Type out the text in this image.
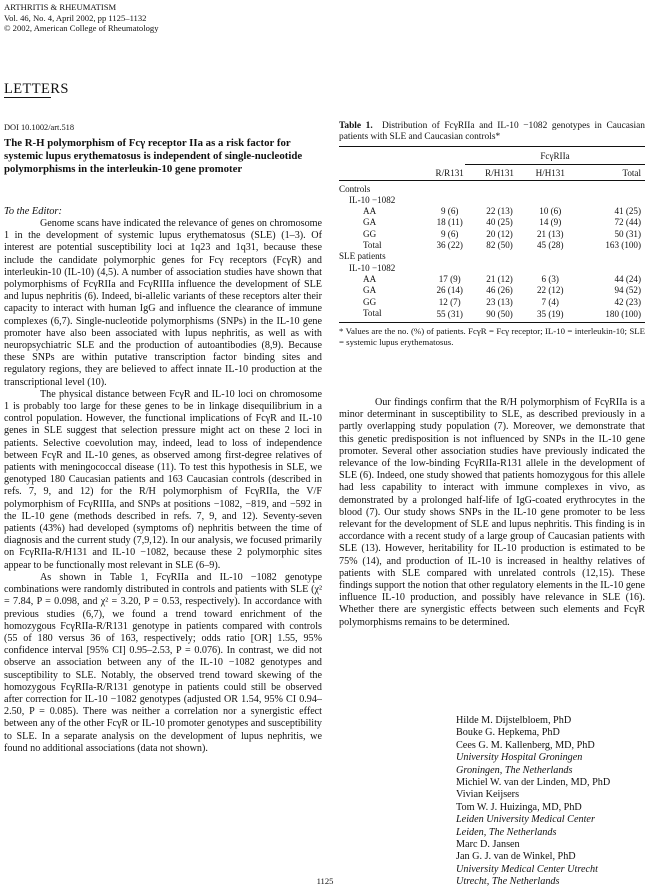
ARTHRITIS & RHEUMATISM
Vol. 46, No. 4, April 2002, pp 1125–1132
© 2002, American College of Rheumatology
LETTERS
DOI 10.1002/art.518
The R-H polymorphism of Fcγ receptor IIa as a risk factor for systemic lupus erythematosus is independent of single-nucleotide polymorphisms in the interleukin-10 gene promoter
To the Editor:

Genome scans have indicated the relevance of genes on chromosome 1 in the development of systemic lupus erythematosus (SLE) (1–3). Of interest are potential susceptibility loci at 1q23 and 1q31, because these include the candidate polymorphic genes for Fcγ receptors (FcγR) and interleukin-10 (IL-10) (4,5). A number of association studies have shown that polymorphisms of FcγRIIa and FcγRIIIa influence the development of SLE and lupus nephritis (6). Indeed, bi-allelic variants of these receptors alter their capacity to interact with human IgG and influence the clearance of immune complexes (6,7). Single-nucleotide polymorphisms (SNPs) in the IL-10 gene promoter have also been associated with lupus nephritis, as well as with neuropsychiatric SLE and the production of autoantibodies (8,9). Because these SNPs are within putative transcription factor binding sites and regulatory regions, they are believed to affect innate IL-10 production at the transcriptional level (10).

The physical distance between FcγR and IL-10 loci on chromosome 1 is probably too large for these genes to be in linkage disequilibrium in a control population. However, the functional implications of FcγR and IL-10 genes in SLE suggest that selection pressure might act on these 2 loci in patients. Selective coevolution may, indeed, lead to loss of independence between FcγR and IL-10 genes, as observed among first-degree relatives of patients with meningococcal disease (11). To test this hypothesis in SLE, we genotyped 180 Caucasian patients and 163 Caucasian controls (described in refs. 7, 9, and 12) for the R/H polymorphism of FcγRIIa, the V/F polymorphism of FcγRIIIa, and SNPs at positions −1082, −819, and −592 in the IL-10 gene (methods described in refs. 7, 9, and 12). Seventy-seven patients (43%) had developed (symptoms of) nephritis between the time of diagnosis and the current study (7,9,12). In our analysis, we focused primarily on FcγRIIa-R/H131 and IL-10 −1082, because these 2 polymorphic sites appear to be functionally most relevant in SLE (6–9).

As shown in Table 1, FcγRIIa and IL-10 −1082 genotype combinations were randomly distributed in controls and patients with SLE (χ² = 7.84, P = 0.098, and χ² = 3.20, P = 0.53, respectively). In accordance with previous studies (6,7), we found a trend toward enrichment of the homozygous FcγRIIa-R/R131 genotype in patients compared with controls (55 of 180 versus 36 of 163, respectively; odds ratio [OR] 1.55, 95% confidence interval [95% CI] 0.95–2.53, P = 0.076). In contrast, we did not observe an association between any of the IL-10 −1082 genotypes and susceptibility to SLE. Notably, the observed trend toward skewing of the homozygous FcγRIIa-R/R131 genotype in patients could still be observed after correction for IL-10 −1082 genotypes (adjusted OR 1.54, 95% CI 0.94–2.50, P = 0.085). There was neither a correlation nor a synergistic effect between any of the other FcγR or IL-10 promoter genotypes and susceptibility to SLE. In a separate analysis on the development of lupus nephritis, we found no additional associations (data not shown).

Table 1. Distribution of FcγRIIa and IL-10 −1082 genotypes in Caucasian patients with SLE and Caucasian controls*
	FcγRIIa			

	R/R131	R/H131	H/H131	Total
Controls				
IL-10 −1082				
AA	9 (6)	22 (13)	10 (6)	41 (25)
GA	18 (11)	40 (25)	14 (9)	72 (44)
GG	9 (6)	20 (12)	21 (13)	50 (31)
Total	36 (22)	82 (50)	45 (28)	163 (100)
SLE patients				
IL-10 −1082				
AA	17 (9)	21 (12)	6 (3)	44 (24)
GA	26 (14)	46 (26)	22 (12)	94 (52)
GG	12 (7)	23 (13)	7 (4)	42 (23)
Total	55 (31)	90 (50)	35 (19)	180 (100)
* Values are the no. (%) of patients. FcγR = Fcγ receptor; IL-10 = interleukin-10; SLE = systemic lupus erythematosus.

Our findings confirm that the R/H polymorphism of FcγRIIa is a minor determinant in susceptibility to SLE, as described previously in a partly overlapping study population (7). Moreover, we demonstrate that this genetic predisposition is not influenced by SNPs in the IL-10 gene promoter. Several other association studies have previously indicated the relevance of the low-binding FcγRIIa-R131 allele in the development of SLE (6). Indeed, one study showed that patients homozygous for this allele had less capability to interact with immune complexes in vivo, as demonstrated by a prolonged half-life of IgG-coated erythrocytes in the blood (7). Our study shows SNPs in the IL-10 gene promoter to be less relevant for the development of SLE and lupus nephritis. This finding is in accordance with a recent study of a large group of Caucasian patients with SLE (13). However, heritability for IL-10 production is estimated to be 75% (14), and production of IL-10 is increased in healthy relatives of patients with SLE compared with unrelated controls (12,15). These findings support the notion that other regulatory elements in the IL-10 gene influence IL-10 production, and possibly have relevance in SLE (16). Whether there are synergistic effects between such elements and FcγR polymorphisms remains to be determined.

Hilde M. Dijstelbloem, PhD
Bouke G. Hepkema, PhD
Cees G. M. Kallenberg, MD, PhD
University Hospital Groningen
Groningen, The Netherlands
Michiel W. van der Linden, MD, PhD
Vivian Keijsers
Tom W. J. Huizinga, MD, PhD
Leiden University Medical Center
Leiden, The Netherlands
Marc D. Jansen
Jan G. J. van de Winkel, PhD
University Medical Center Utrecht
Utrecht, The Netherlands
1125
